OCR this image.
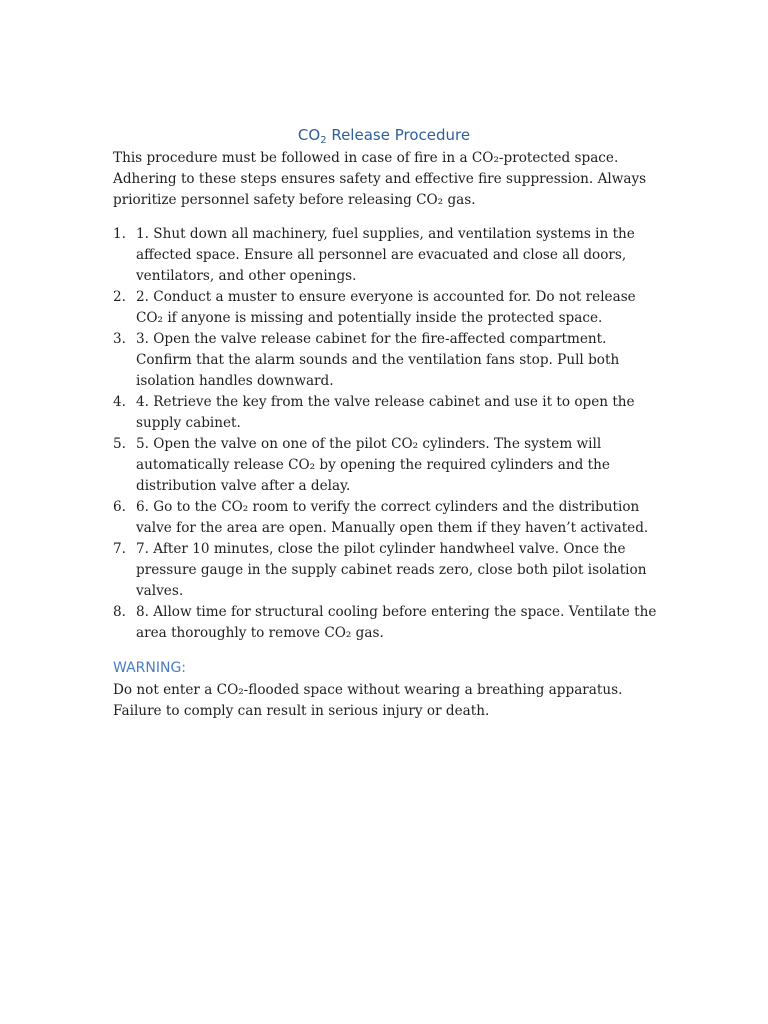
$CO_2$ Release Procedure

This procedure must be followed in case of fire in a CO₂-protected space. Adhering to these steps ensures safety and effective fire suppression. Always prioritize personnel safety before releasing CO₂ gas.

1. 1. Shut down all machinery, fuel supplies, and ventilation systems in the affected space. Ensure all personnel are evacuated and close all doors, ventilators, and other openings.
2. 2. Conduct a muster to ensure everyone is accounted for. Do not release CO₂ if anyone is missing and potentially inside the protected space.
3. 3. Open the valve release cabinet for the fire-affected compartment. Confirm that the alarm sounds and the ventilation fans stop. Pull both isolation handles downward.
4. 4. Retrieve the key from the valve release cabinet and use it to open the supply cabinet.
5. 5. Open the valve on one of the pilot CO₂ cylinders. The system will automatically release CO₂ by opening the required cylinders and the distribution valve after a delay.
6. 6. Go to the CO₂ room to verify the correct cylinders and the distribution valve for the area are open. Manually open them if they haven’t activated.
7. 7. After 10 minutes, close the pilot cylinder handwheel valve. Once the pressure gauge in the supply cabinet reads zero, close both pilot isolation valves.
8. 8. Allow time for structural cooling before entering the space. Ventilate the area thoroughly to remove CO₂ gas.
WARNING:

Do not enter a CO₂-flooded space without wearing a breathing apparatus. Failure to comply can result in serious injury or death.
